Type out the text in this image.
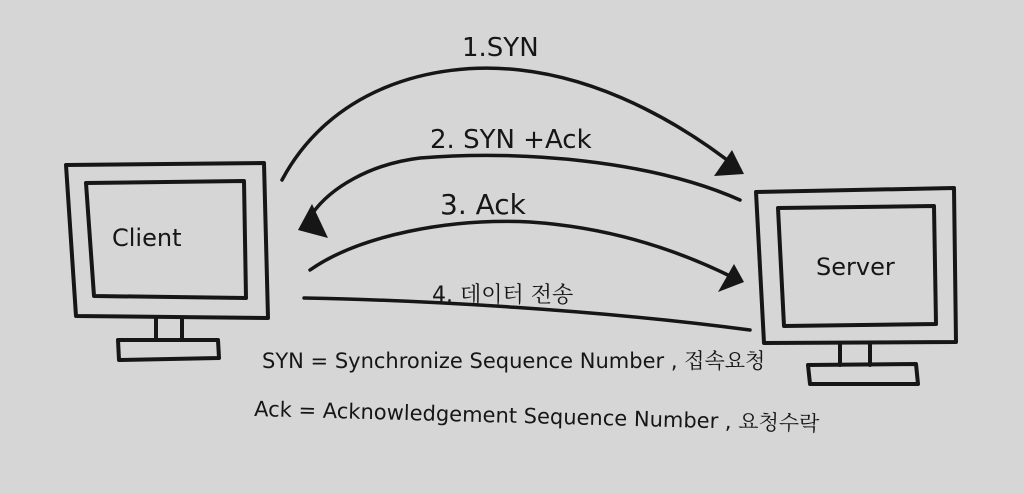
Client
Server
1.SYN
2. SYN +Ack
3. Ack
4. 데이터 전송
SYN = Synchronize Sequence Number , 접속요청
Ack = Acknowledgement Sequence Number , 요청수락
